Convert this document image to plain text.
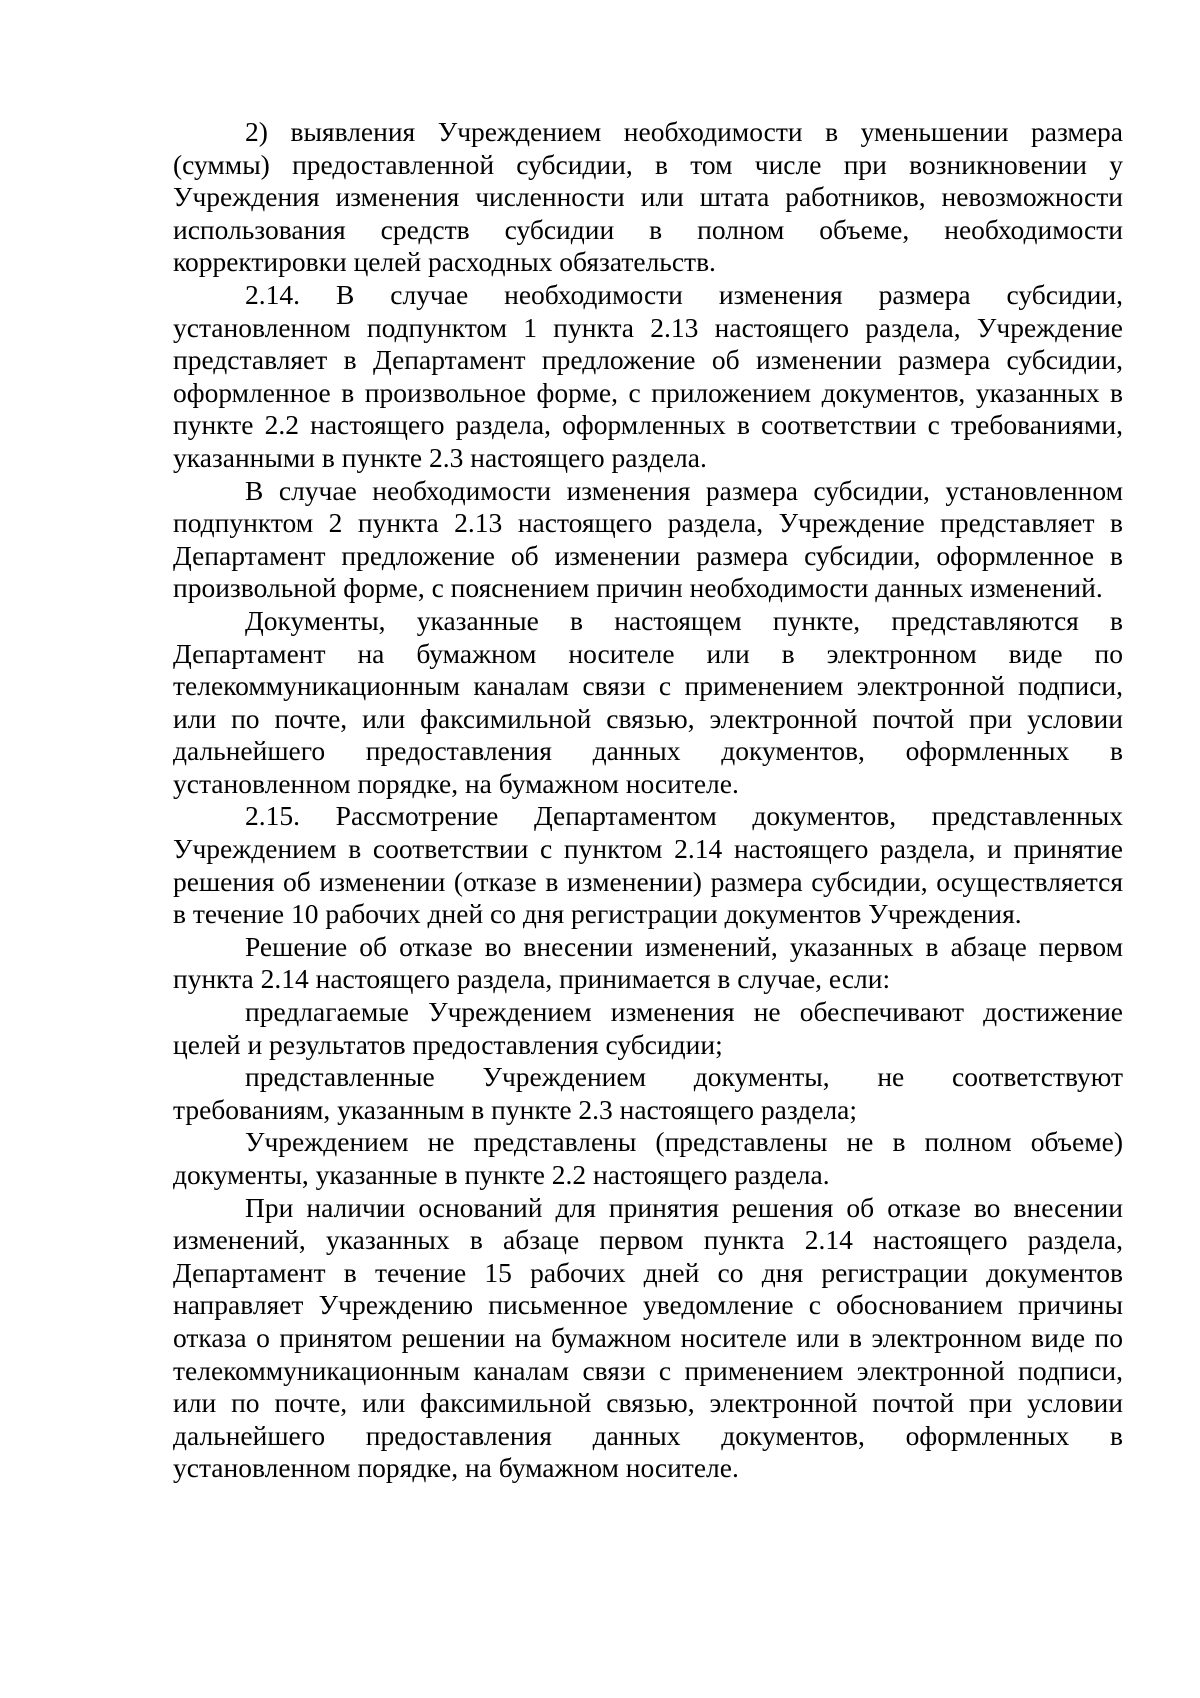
2) выявления Учреждением необходимости в уменьшении размера (суммы) предоставленной субсидии, в том числе при возникновении у Учреждения изменения численности или штата работников, невозможности использования средств субсидии в полном объеме, необходимости корректировки целей расходных обязательств.

2.14. В случае необходимости изменения размера субсидии, установленном подпунктом 1 пункта 2.13 настоящего раздела, Учреждение представляет в Департамент предложение об изменении размера субсидии, оформленное в произвольное форме, с приложением документов, указанных в пункте 2.2 настоящего раздела, оформленных в соответствии с требованиями, указанными в пункте 2.3 настоящего раздела.

В случае необходимости изменения размера субсидии, установленном подпунктом 2 пункта 2.13 настоящего раздела, Учреждение представляет в Департамент предложение об изменении размера субсидии, оформленное в произвольной форме, с пояснением причин необходимости данных изменений.

Документы, указанные в настоящем пункте, представляются в Департамент на бумажном носителе или в электронном виде по телекоммуникационным каналам связи с применением электронной подписи, или по почте, или факсимильной связью, электронной почтой при условии дальнейшего предоставления данных документов, оформленных в установленном порядке, на бумажном носителе.

2.15. Рассмотрение Департаментом документов, представленных Учреждением в соответствии с пунктом 2.14 настоящего раздела, и принятие решения об изменении (отказе в изменении) размера субсидии, осуществляется в течение 10 рабочих дней со дня регистрации документов Учреждения.

Решение об отказе во внесении изменений, указанных в абзаце первом пункта 2.14 настоящего раздела, принимается в случае, если:

предлагаемые Учреждением изменения не обеспечивают достижение целей и результатов предоставления субсидии;

представленные Учреждением документы, не соответствуют требованиям, указанным в пункте 2.3 настоящего раздела;

Учреждением не представлены (представлены не в полном объеме) документы, указанные в пункте 2.2 настоящего раздела.

При наличии оснований для принятия решения об отказе во внесении изменений, указанных в абзаце первом пункта 2.14 настоящего раздела, Департамент в течение 15 рабочих дней со дня регистрации документов направляет Учреждению письменное уведомление с обоснованием причины отказа о принятом решении на бумажном носителе или в электронном виде по телекоммуникационным каналам связи с применением электронной подписи, или по почте, или факсимильной связью, электронной почтой при условии дальнейшего предоставления данных документов, оформленных в установленном порядке, на бумажном носителе.
